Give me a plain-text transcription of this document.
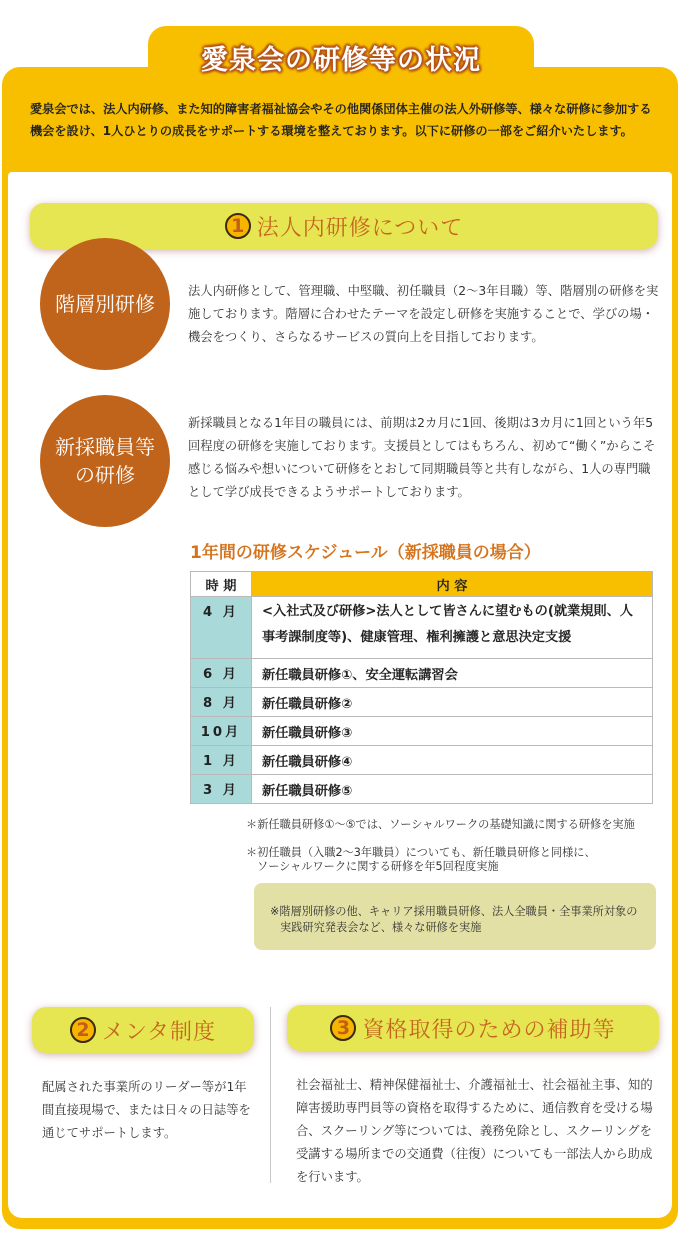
愛泉会の研修等の状況
愛泉会では、法人内研修、また知的障害者福祉協会やその他関係団体主催の法人外研修等、様々な研修に参加する機会を設け、1人ひとりの成長をサポートする環境を整えております。以下に研修の一部をご紹介いたします。
1 法人内研修について
階層別研修
法人内研修として、管理職、中堅職、初任職員（2〜3年目職）等、階層別の研修を実施しております。階層に合わせたテーマを設定し研修を実施することで、学びの場・機会をつくり、さらなるサービスの質向上を目指しております。
新採職員等
の研修
新採職員となる1年目の職員には、前期は2カ月に1回、後期は3カ月に1回という年5回程度の研修を実施しております。支援員としてはもちろん、初めて“働く”からこそ感じる悩みや想いについて研修をとおして同期職員等と共有しながら、1人の専門職として学び成長できるようサポートしております。
1年間の研修スケジュール（新採職員の場合）
時 期	内 容
4 月	<入社式及び研修>法人として皆さんに望むもの(就業規則、人事考課制度等)、健康管理、権利擁護と意思決定支援
6 月	新任職員研修①、安全運転講習会
8 月	新任職員研修②
10月	新任職員研修③
1 月	新任職員研修④
3 月	新任職員研修⑤
＊新任職員研修①〜⑤では、ソーシャルワークの基礎知識に関する研修を実施
＊初任職員（入職2〜3年職員）についても、新任職員研修と同様に、
ソーシャルワークに関する研修を年5回程度実施
※階層別研修の他、キャリア採用職員研修、法人全職員・全事業所対象の
実践研究発表会など、様々な研修を実施
2 メンタ制度
配属された事業所のリーダー等が1年間直接現場で、または日々の日誌等を通じてサポートします。
3 資格取得のための補助等
社会福祉士、精神保健福祉士、介護福祉士、社会福祉主事、知的障害援助専門員等の資格を取得するために、通信教育を受ける場合、スクーリング等については、義務免除とし、スクーリングを受講する場所までの交通費（往復）についても一部法人から助成を行います。
